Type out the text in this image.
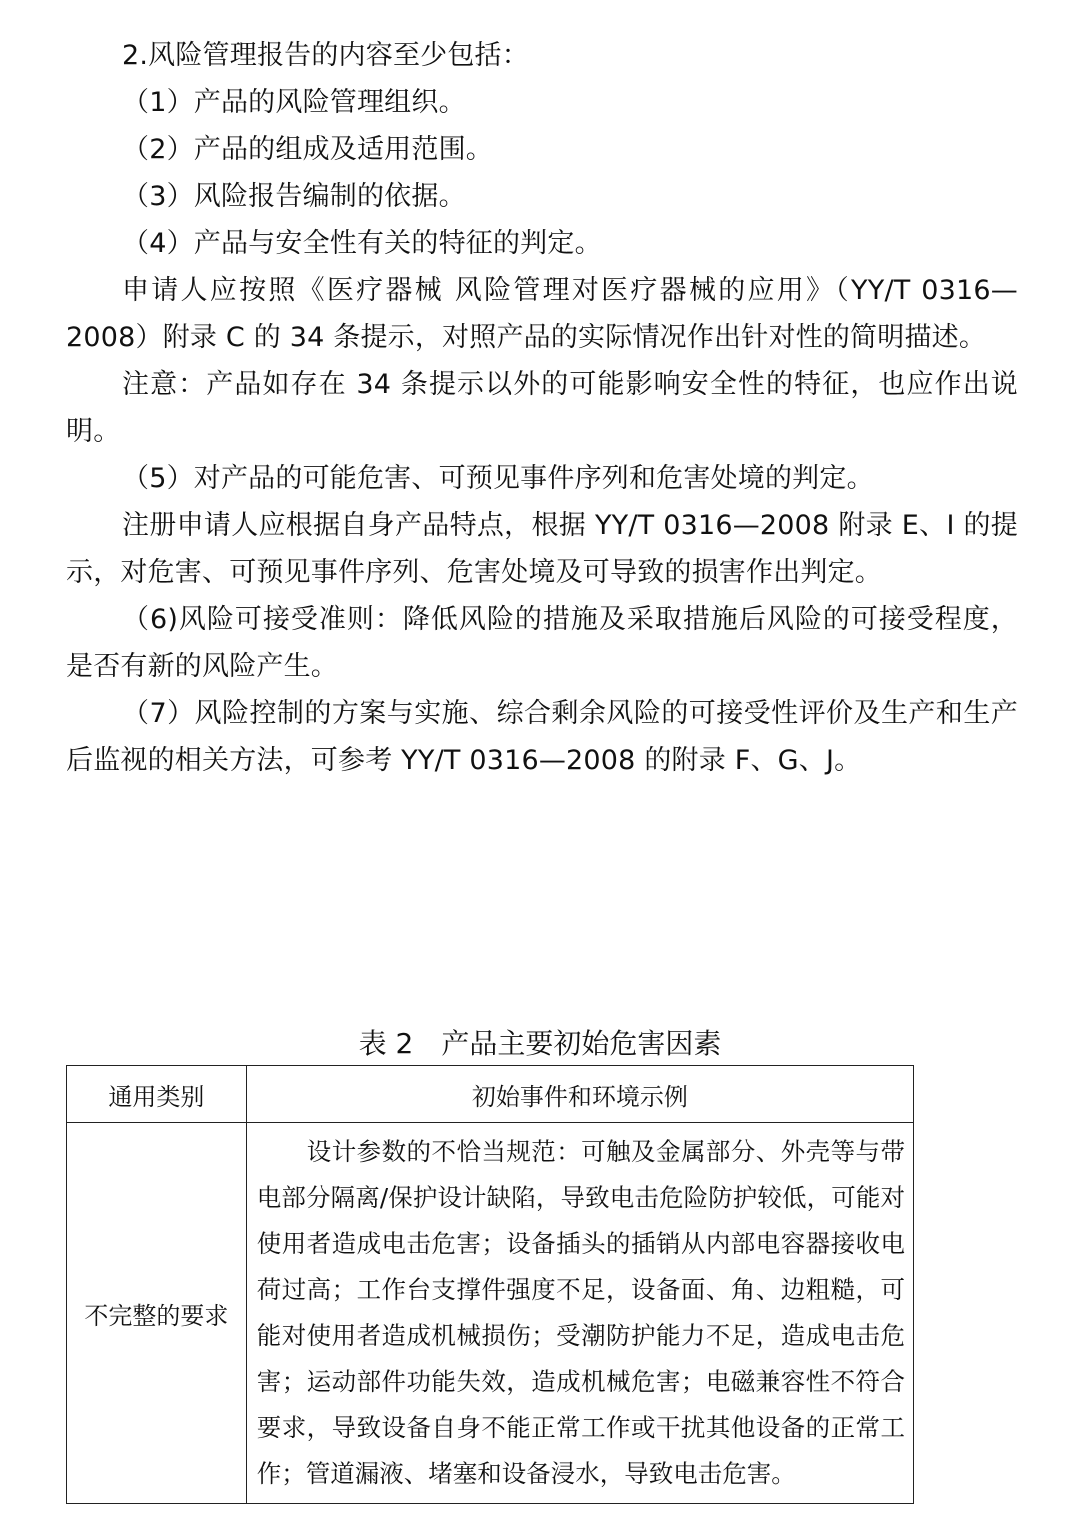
2.风险管理报告的内容至少包括：

（1）产品的风险管理组织。

（2）产品的组成及适用范围。

（3）风险报告编制的依据。

（4）产品与安全性有关的特征的判定。

申请人应按照《医疗器械 风险管理对医疗器械的应用》（YY/T 0316—2008）附录 C 的 34 条提示，对照产品的实际情况作出针对性的简明描述。

注意：产品如存在 34 条提示以外的可能影响安全性的特征，也应作出说明。

（5）对产品的可能危害、可预见事件序列和危害处境的判定。

注册申请人应根据自身产品特点，根据 YY/T 0316—2008 附录 E、I 的提示，对危害、可预见事件序列、危害处境及可导致的损害作出判定。

（6)风险可接受准则：降低风险的措施及采取措施后风险的可接受程度，是否有新的风险产生。

（7）风险控制的方案与实施、综合剩余风险的可接受性评价及生产和生产后监视的相关方法，可参考 YY/T 0316—2008 的附录 F、G、J。

表 2　产品主要初始危害因素
通用类别	初始事件和环境示例
不完整的要求	设计参数的不恰当规范：可触及金属部分、外壳等与带电部分隔离/保护设计缺陷，导致电击危险防护较低，可能对使用者造成电击危害；设备插头的插销从内部电容器接收电荷过高；工作台支撑件强度不足，设备面、角、边粗糙，可能对使用者造成机械损伤；受潮防护能力不足，造成电击危害；运动部件功能失效，造成机械危害；电磁兼容性不符合要求，导致设备自身不能正常工作或干扰其他设备的正常工作；管道漏液、堵塞和设备浸水，导致电击危害。
